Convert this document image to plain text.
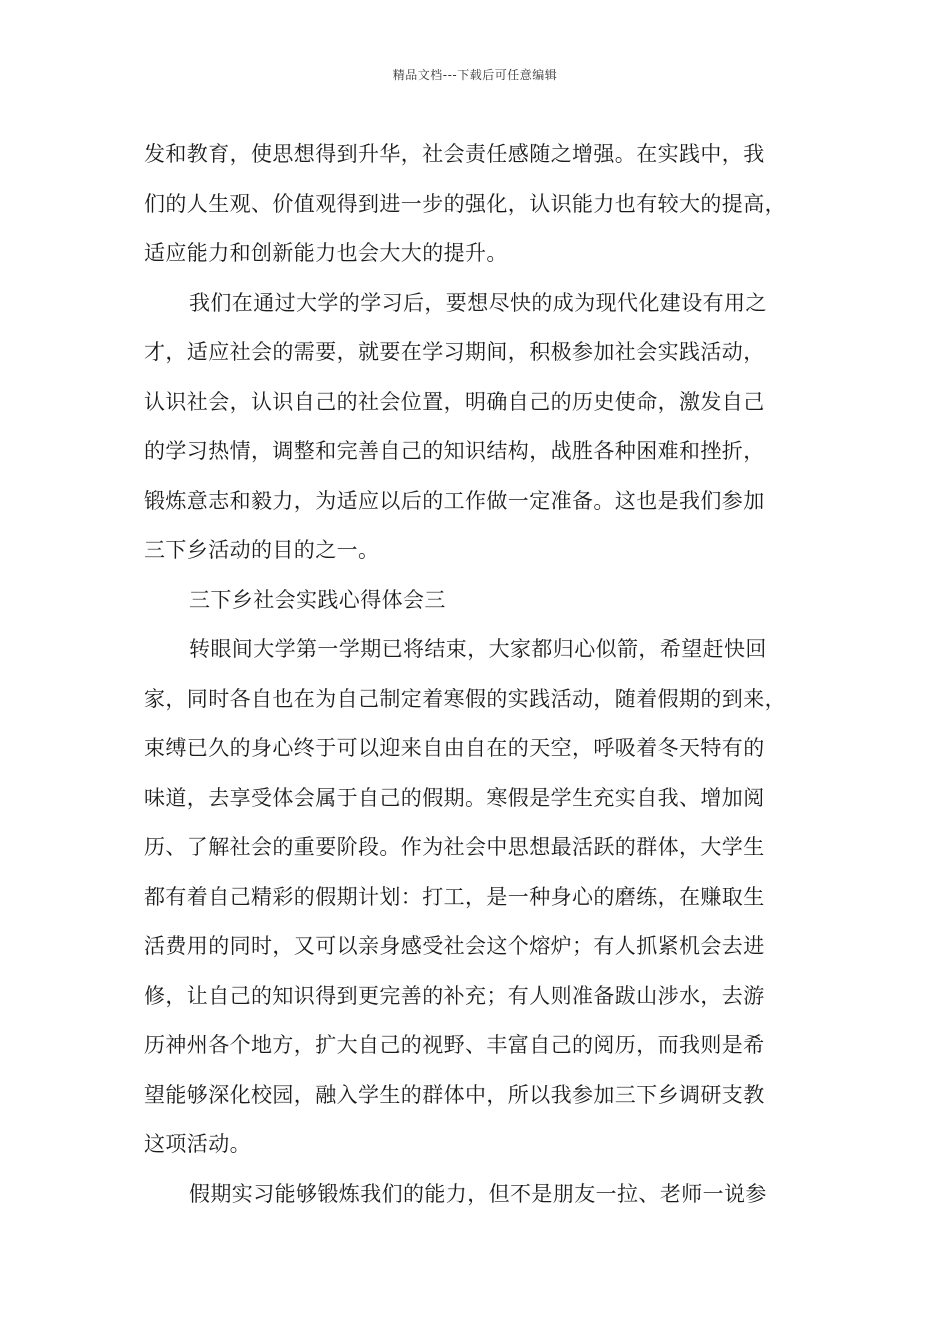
精品文档---下载后可任意编辑
发和教育，使思想得到升华，社会责任感随之增强。在实践中，我
们的人生观、价值观得到进一步的强化，认识能力也有较大的提高，
适应能力和创新能力也会大大的提升。
我们在通过大学的学习后，要想尽快的成为现代化建设有用之
才，适应社会的需要，就要在学习期间，积极参加社会实践活动，
认识社会，认识自己的社会位置，明确自己的历史使命，激发自己
的学习热情，调整和完善自己的知识结构，战胜各种困难和挫折，
锻炼意志和毅力，为适应以后的工作做一定准备。这也是我们参加
三下乡活动的目的之一。
三下乡社会实践心得体会三
转眼间大学第一学期已将结束，大家都归心似箭，希望赶快回
家，同时各自也在为自己制定着寒假的实践活动，随着假期的到来，
束缚已久的身心终于可以迎来自由自在的天空，呼吸着冬天特有的
味道，去享受体会属于自己的假期。寒假是学生充实自我、增加阅
历、了解社会的重要阶段。作为社会中思想最活跃的群体，大学生
都有着自己精彩的假期计划：打工，是一种身心的磨练，在赚取生
活费用的同时，又可以亲身感受社会这个熔炉；有人抓紧机会去进
修，让自己的知识得到更完善的补充；有人则准备跋山涉水，去游
历神州各个地方，扩大自己的视野、丰富自己的阅历，而我则是希
望能够深化校园，融入学生的群体中，所以我参加三下乡调研支教
这项活动。
假期实习能够锻炼我们的能力，但不是朋友一拉、老师一说参
